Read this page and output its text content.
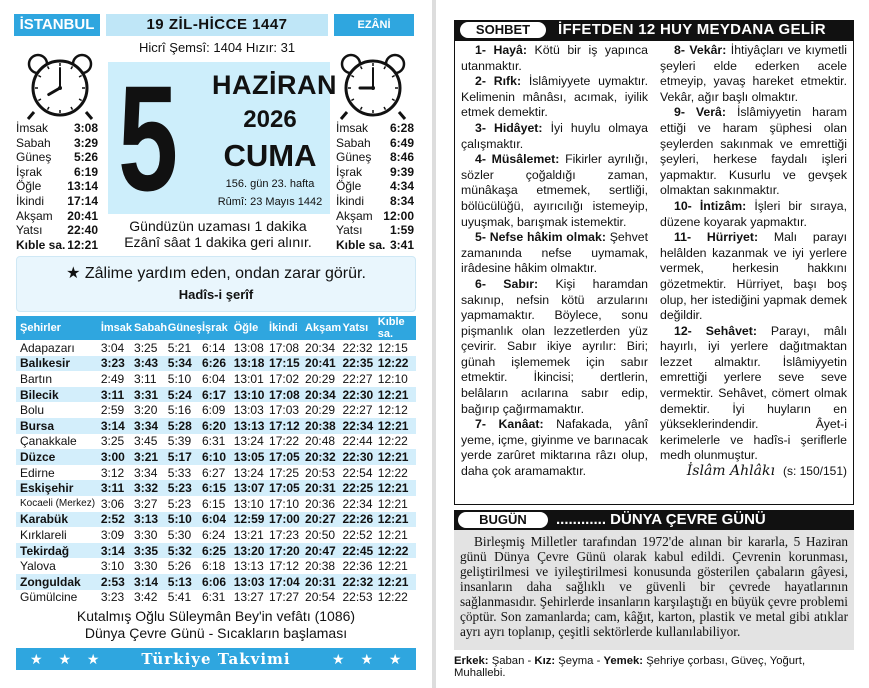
İSTANBUL	19 ZİL-HİCCE 1447	EZÂNİ (MAHALLÎ)
Hicrî Şemsî: 1404 Hızır: 31
İmsak 3:08
Sabah 3:29
Güneş 5:26
İşrak	6:19
Öğle 13:14
İkindi 17:14
Akşam 20:41
Yatsı 22:40
Kıble sa. 12:21
İmsak 6:28
Sabah 6:49
Güneş 8:46
İşrak 9:39
Öğle 4:34
İkindi 8:34
Akşam 12:00
Yatsı 1:59
Kıble sa. 3:41
5 HAZİRAN
2026
CUMA
156. gün 23. hafta
Rûmî: 23 Mayıs 1442
Gündüzün uzaması 1 dakika
Ezânî sâat 1 dakika geri alınır.
★ Zâlime yardım eden, ondan zarar görür.
Hadîs-i şerîf
Şehirler	İmsak	Sabah	Güneş	İşrak	Öğle	İkindi	Akşam	Yatsı	Kıble sa.
Adapazarı	3:04	3:25	5:21	6:14	13:08	17:08	20:34	22:32	12:15
Balıkesir	3:23	3:43	5:34	6:26	13:18	17:15	20:41	22:35	12:22
Bartın	2:49	3:11	5:10	6:04	13:01	17:02	20:29	22:27	12:10
Bilecik	3:11	3:31	5:24	6:17	13:10	17:08	20:34	22:30	12:21
Bolu	2:59	3:20	5:16	6:09	13:03	17:03	20:29	22:27	12:12
Bursa	3:14	3:34	5:28	6:20	13:13	17:12	20:38	22:34	12:21
Çanakkale	3:25	3:45	5:39	6:31	13:24	17:22	20:48	22:44	12:22
Düzce	3:00	3:21	5:17	6:10	13:05	17:05	20:32	22:30	12:21
Edirne	3:12	3:34	5:33	6:27	13:24	17:25	20:53	22:54	12:22
Eskişehir	3:11	3:32	5:23	6:15	13:07	17:05	20:31	22:25	12:21
Kocaeli (Merkez)	3:06	3:27	5:23	6:15	13:10	17:10	20:36	22:34	12:21
Karabük	2:52	3:13	5:10	6:04	12:59	17:00	20:27	22:26	12:21
Kırklareli	3:09	3:30	5:30	6:24	13:21	17:23	20:50	22:52	12:21
Tekirdağ	3:14	3:35	5:32	6:25	13:20	17:20	20:47	22:45	12:22
Yalova	3:10	3:30	5:26	6:18	13:13	17:12	20:38	22:36	12:21
Zonguldak	2:53	3:14	5:13	6:06	13:03	17:04	20:31	22:32	12:21
Gümülcine	3:23	3:42	5:41	6:31	13:27	17:27	20:54	22:53	12:22
Kutalmış Oğlu Süleymân Bey'in vefâtı (1086)
Dünya Çevre Günü - Sıcakların başlaması
★ ★ ★	Türkiye Takvimi	★ ★ ★
SOHBET	İFFETDEN 12 HUY MEYDANA GELİR

1- Hayâ: Kötü bir iş yapınca utanmaktır.

2- Rıfk: İslâmiyyete uymaktır. Kelimenin mânâsı, acımak, iyilik etmek demektir.

3- Hidâyet: İyi huylu olmaya çalışmaktır.

4- Müsâlemet: Fikirler ayrılığı, sözler çoğaldığı zaman, münâkaşa etmemek, sertliği, bölücülüğü, ayırıcılığı istemeyip, uyuşmak, barışmak istemektir.

5- Nefse hâkim olmak: Şehvet zamanında nefse uymamak, irâdesine hâkim olmaktır.

6- Sabır: Kişi haramdan sakınıp, nefsin kötü arzularını yapmamaktır. Böylece, sonu pişmanlık olan lezzetlerden yüz çevirir. Sabır ikiye ayrılır: Biri; günah işlememek için sabır etmektir. İkincisi; dertlerin, belâların acılarına sabır edip, bağırıp çağırmamaktır.

7- Kanâat: Nafakada, yânî yeme, içme, giyinme ve barınacak yerde zarûret miktarına râzı olup, daha çok aramamaktır.

8- Vekâr: İhtiyâçları ve kıymetli şeyleri elde ederken acele etmeyip, yavaş hareket etmektir. Vekâr, ağır başlı olmaktır.

9- Verâ: İslâmiyyetin haram ettiği ve haram şüphesi olan şeylerden sakınmak ve emrettiği şeyleri, herkese faydalı işleri yapmaktır. Kusurlu ve gevşek olmaktan sakınmaktır.

10- İntizâm: İşleri bir sıraya, düzene koyarak yapmaktır.

11- Hürriyet: Malı parayı helâlden kazanmak ve iyi yerlere vermek, herkesin hakkını gözetmektir. Hürriyet, başı boş olup, her istediğini yapmak demek değildir.

12- Sehâvet: Parayı, mâlı hayırlı, iyi yerlere dağıtmaktan lezzet almaktır. İslâmiyyetin emrettiği yerlere seve seve vermektir. Sehâvet, cömert olmak demektir. İyi huyların en yükseklerindendir. Âyet-i kerimelerle ve hadîs-i şeriflerle medh olunmuştur.

İslâm Ahlâkı (s: 150/151)
BUGÜN	............ DÜNYA ÇEVRE GÜNÜ

Birleşmiş Milletler tarafından 1972'de alınan bir kararla, 5 Haziran günü Dünya Çevre Günü olarak kabul edildi. Çevrenin korunması, geliştirilmesi ve iyileştirilmesi konusunda gösterilen çabaların gâyesi, insanların daha sağlıklı ve güvenli bir çevrede hayatlarının sağlanmasıdır. Şehirlerde insanların karşılaştığı en büyük çevre problemi çöptür. Son zamanlarda; cam, kâğıt, karton, plastik ve metal gibi atıklar ayrı ayrı toplanıp, çeşitli sektörlerde kullanılabiliyor.

Erkek: Şaban - Kız: Şeyma - Yemek: Şehriye çorbası, Güveç, Yoğurt, Muhallebi.
